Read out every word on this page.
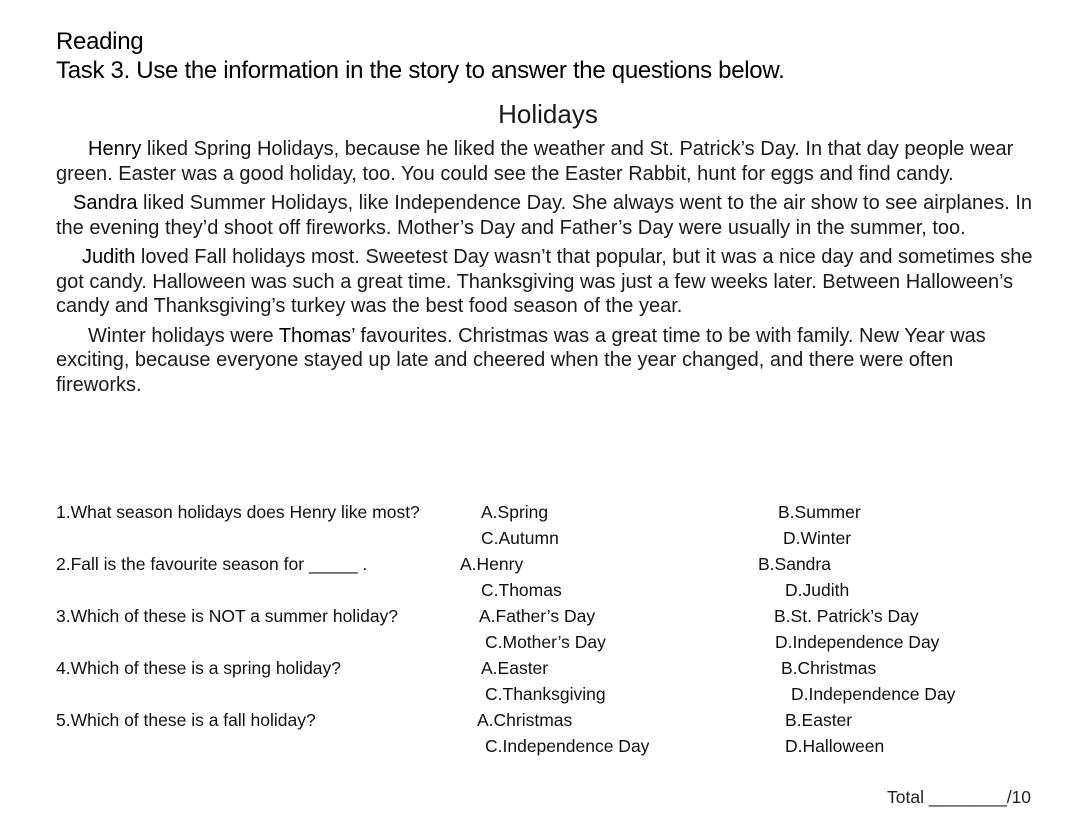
Reading
Task 3. Use the information in the story to answer the questions below.
Holidays

Henry liked Spring Holidays, because he liked the weather and St. Patrick’s Day. In that day people wear green. Easter was a good holiday, too. You could see the Easter Rabbit, hunt for eggs and find candy.

Sandra liked Summer Holidays, like Independence Day. She always went to the air show to see airplanes. In the evening they’d shoot off fireworks. Mother’s Day and Father’s Day were usually in the summer, too.

Judith loved Fall holidays most. Sweetest Day wasn’t that popular, but it was a nice day and sometimes she got candy. Halloween was such a great time. Thanksgiving was just a few weeks later. Between Halloween’s candy and Thanksgiving’s turkey was the best food season of the year.

Winter holidays were Thomas’ favourites. Christmas was a great time to be with family. New Year was exciting, because everyone stayed up late and cheered when the year changed, and there were often fireworks.

1.What season holidays does Henry like most?	A.Spring	B.Summer
C.Autumn	D.Winter
2.Fall is the favourite season for _____ .	A.Henry	B.Sandra
C.Thomas	D.Judith
3.Which of these is NOT a summer holiday?	A.Father’s Day	B.St. Patrick’s Day
C.Mother’s Day	D.Independence Day
4.Which of these is a spring holiday?	A.Easter	B.Christmas
C.Thanksgiving	D.Independence Day
5.Which of these is a fall holiday?	A.Christmas	B.Easter
C.Independence Day	D.Halloween
Total ________/10
